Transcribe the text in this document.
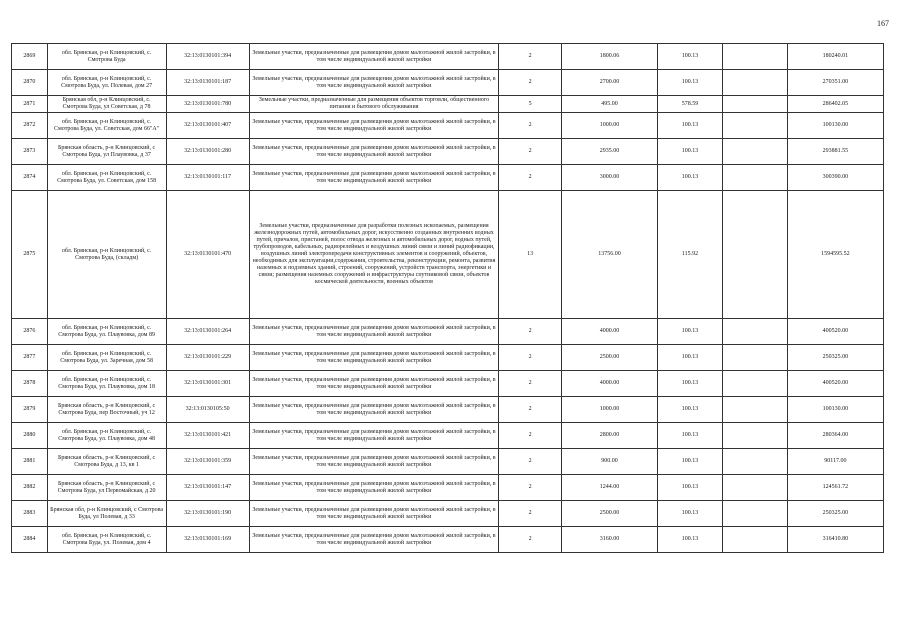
167
2869	обл. Брянская, р-н Клинцовский, с. Смотрова Буда		32:13:0130101:394	Земельные участки, предназначенные для размещения домов малоэтажной жилой застройки, в том числе индивидуальной жилой застройки	2	1800.06	100.13		180240.01
2870	обл. Брянская, р-н Клинцовский, с. Смотрова Буда, ул. Полевая, дом 27		32:13:0130101:187	Земельные участки, предназначенные для размещения домов малоэтажной жилой застройки, в том числе индивидуальной жилой застройки	2	2700.00	100.13		270351.00
2871	Брянская обл, р-н Клинцовский, с. Смотрова Буда, ул Советская, д 78		32:13:0130101:780	Земельные участки, предназначенные для размещения объектов торговли, общественного питания и бытового обслуживания	5	495.00	578.59		286402.05
2872	обл. Брянская, р-н Клинцовский, с. Смотрова Буда, ул. Советская, дом 66"А"		32:13:0130101:407	Земельные участки, предназначенные для размещения домов малоэтажной жилой застройки, в том числе индивидуальной жилой застройки	2	1000.00	100.13		100130.00
2873	Брянская область, р-н Клинцовский, с Смотрова Буда, ул Плаувовка, д 37		32:13:0130101:280	Земельные участки, предназначенные для размещения домов малоэтажной жилой застройки, в том числе индивидуальной жилой застройки	2	2935.00	100.13		293881.55
2874	обл. Брянская, р-н Клинцовский, с. Смотрова Буда, ул. Советская, дом 158		32:13:0130101:117	Земельные участки, предназначенные для размещения домов малоэтажной жилой застройки, в том числе индивидуальной жилой застройки	2	3000.00	100.13		300390.00
2875	обл. Брянская, р-н Клинцовский, с. Смотрова Буда, (складм)		32:13:0130101:470	Земельные участки, предназначенные для разработки полезных ископаемых, размещения железнодорожных путей, автомобильных дорог, искусственно созданных внутренних водных путей, причалов, пристаней, полос отвода железных и автомобильных дорог, водных путей, трубопроводов, кабельных, радиорелейных и воздушных линий связи и линий радиофикации, воздушных линий электропередачи конструктивных элементов и сооружений, объектов, необходимых для эксплуатации,содержания, строительства, реконструкции, ремонта, развития наземных и подземных зданий, строений, сооружений, устройств транспорта, энергетики и связи; размещения наземных сооружений и инфраструктуры спутниковой связи, объектов космической деятельности, военных объектов	13	13756.00	115.92		1594595.52
2876	обл. Брянская, р-н Клинцовский, с. Смотрова Буда, ул. Плаувовка, дом 89		32:13:0130101:264	Земельные участки, предназначенные для размещения домов малоэтажной жилой застройки, в том числе индивидуальной жилой застройки	2	4000.00	100.13		400520.00
2877	обл. Брянская, р-н Клинцовский, с. Смотрова Буда, ул. Заречная, дом 58		32:13:0130101:229	Земельные участки, предназначенные для размещения домов малоэтажной жилой застройки, в том числе индивидуальной жилой застройки	2	2500.00	100.13		250325.00
2878	обл. Брянская, р-н Клинцовский, с. Смотрова Буда, ул. Плаувовка, дом 18		32:13:0130101:301	Земельные участки, предназначенные для размещения домов малоэтажной жилой застройки, в том числе индивидуальной жилой застройки	2	4000.00	100.13		400520.00
2879	Брянская область, р-н Клинцовский, с Смотрова Буда, пер Восточный, уч 12		32:13:0130105:50	Земельные участки, предназначенные для размещения домов малоэтажной жилой застройки, в том числе индивидуальной жилой застройки	2	1000.00	100.13		100130.00
2880	обл. Брянская, р-н Клинцовский, с. Смотрова Буда, ул. Плаувовка, дом 48		32:13:0130101:421	Земельные участки, предназначенные для размещения домов малоэтажной жилой застройки, в том числе индивидуальной жилой застройки	2	2800.00	100.13		280364.00
2881	Брянская область, р-н Клинцовский, с Смотрова Буда, д 13, кв 1		32:13:0130101:359	Земельные участки, предназначенные для размещения домов малоэтажной жилой застройки, в том числе индивидуальной жилой застройки	2	900.00	100.13		90117.00
2882	Брянская область, р-н Клинцовский, с Смотрова Буда, ул Первомайская, д 20		32:13:0130101:147	Земельные участки, предназначенные для размещения домов малоэтажной жилой застройки, в том числе индивидуальной жилой застройки	2	1244.00	100.13		124561.72
2883	Брянская обл, р-н Клинцовский, с Смотрова Буда, ул Полевая, д 33		32:13:0130101:190	Земельные участки, предназначенные для размещения домов малоэтажной жилой застройки, в том числе индивидуальной жилой застройки	2	2500.00	100.13		250325.00
2884	обл. Брянская, р-н Клинцовский, с. Смотрова Буда, ул. Полевая, дом 4		32:13:0130101:169	Земельные участки, предназначенные для размещения домов малоэтажной жилой застройки, в том числе индивидуальной жилой застройки	2	3160.00	100.13		316410.80
